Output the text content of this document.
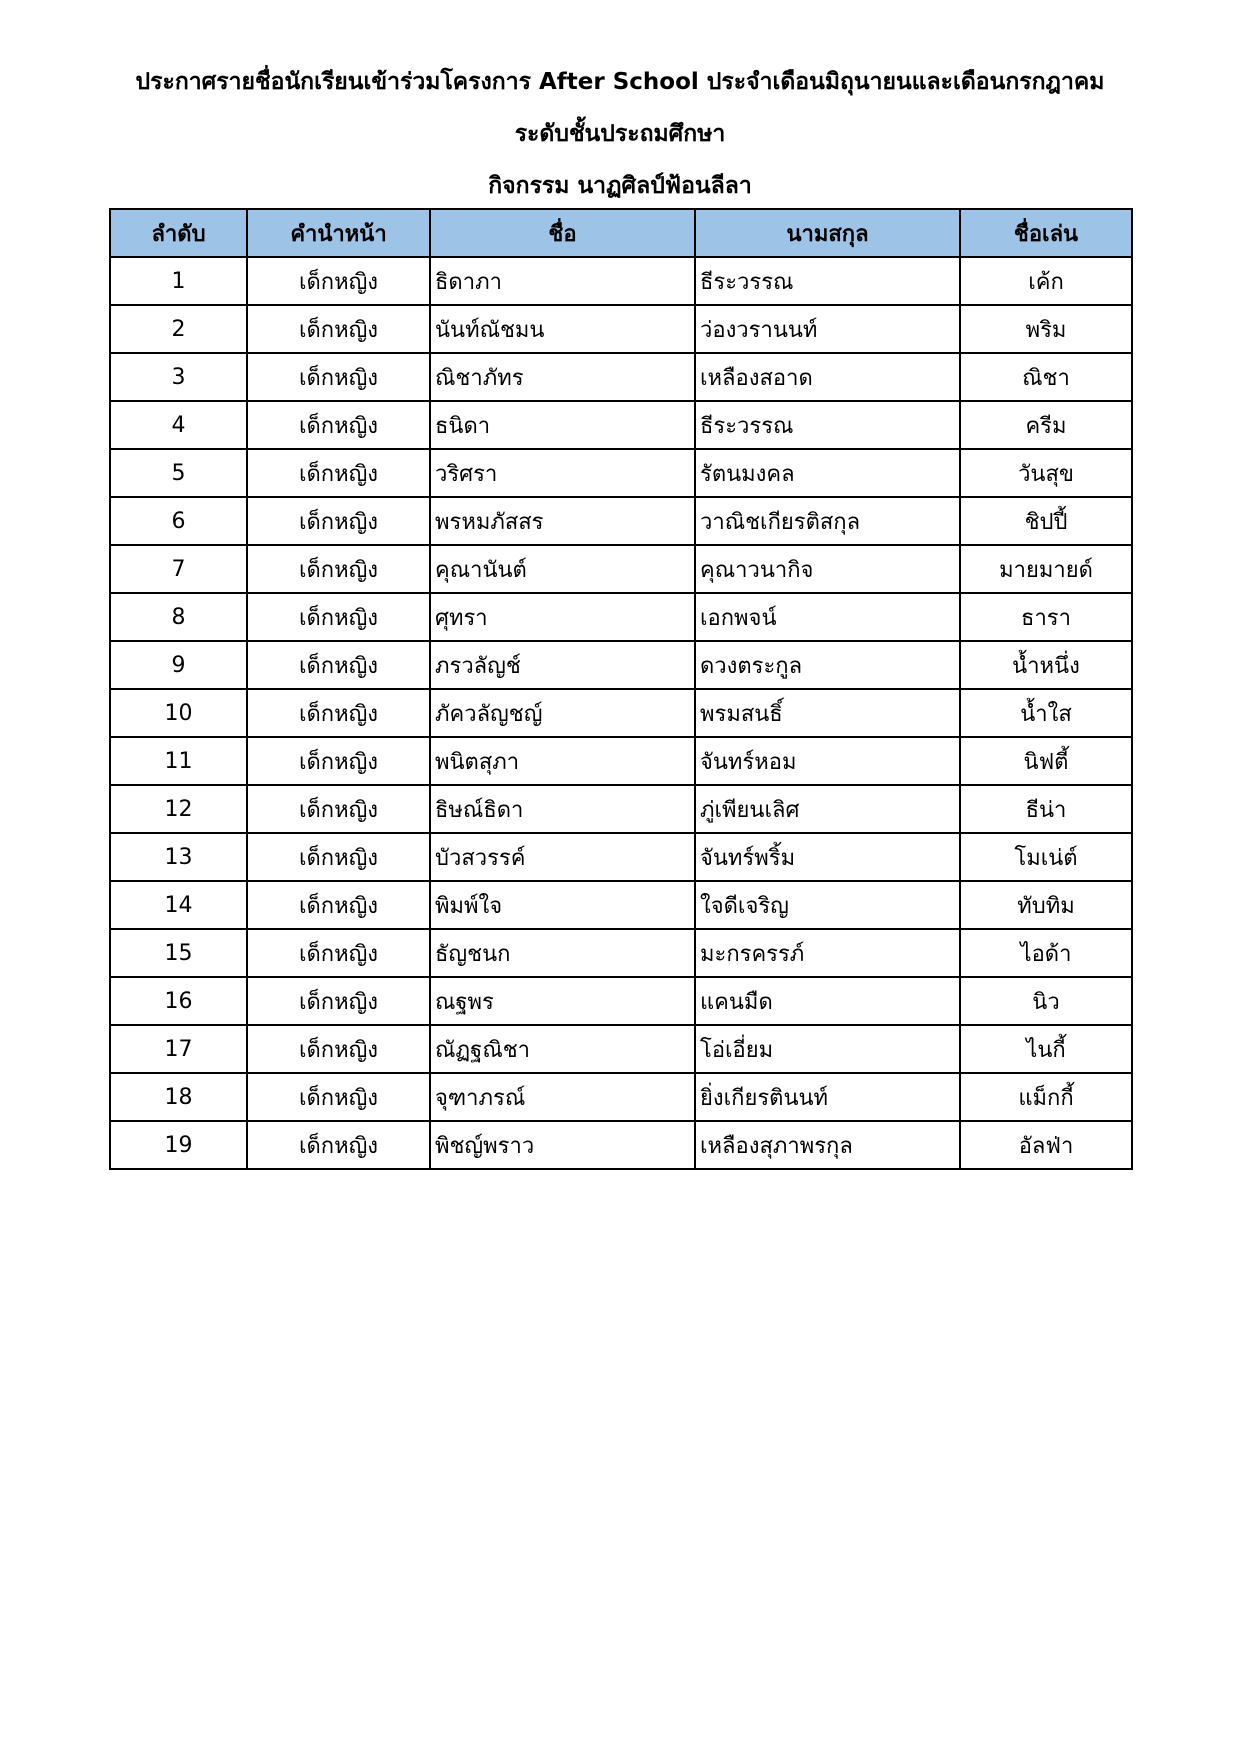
ประกาศรายชื่อนักเรียนเข้าร่วมโครงการ After School ประจำเดือนมิถุนายนและเดือนกรกฎาคม
ระดับชั้นประถมศึกษา
กิจกรรม นาฏศิลป์ฟ้อนลีลา
ลำดับ	คำนำหน้า	ชื่อ	นามสกุล	ชื่อเล่น
1	เด็กหญิง	ธิดาภา	ธีระวรรณ	เค้ก
2	เด็กหญิง	นันท์ณัชมน	ว่องวรานนท์	พริม
3	เด็กหญิง	ณิชาภัทร	เหลืองสอาด	ณิชา
4	เด็กหญิง	ธนิดา	ธีระวรรณ	ครีม
5	เด็กหญิง	วริศรา	รัตนมงคล	วันสุข
6	เด็กหญิง	พรหมภัสสร	วาณิชเกียรติสกุล	ชิปปี้
7	เด็กหญิง	คุณานันต์	คุณาวนากิจ	มายมายด์
8	เด็กหญิง	ศุทรา	เอกพจน์	ธารา
9	เด็กหญิง	ภรวลัญช์	ดวงตระกูล	น้ำหนึ่ง
10	เด็กหญิง	ภัควลัญชญ์	พรมสนธิ์	น้ำใส
11	เด็กหญิง	พนิตสุภา	จันทร์หอม	นิฟตี้
12	เด็กหญิง	ธิษณ์ธิดา	ภู่เพียนเลิศ	ธีน่า
13	เด็กหญิง	บัวสวรรค์	จันทร์พริ้ม	โมเน่ต์
14	เด็กหญิง	พิมพ์ใจ	ใจดีเจริญ	ทับทิม
15	เด็กหญิง	ธัญชนก	มะกรครรภ์	ไอด้า
16	เด็กหญิง	ณฐพร	แคนมืด	นิว
17	เด็กหญิง	ณัฏฐณิชา	โอ่เอี่ยม	ไนกี้
18	เด็กหญิง	จุฑาภรณ์	ยิ่งเกียรตินนท์	แม็กกี้
19	เด็กหญิง	พิชญ์พราว	เหลืองสุภาพรกุล	อัลฟ่า
